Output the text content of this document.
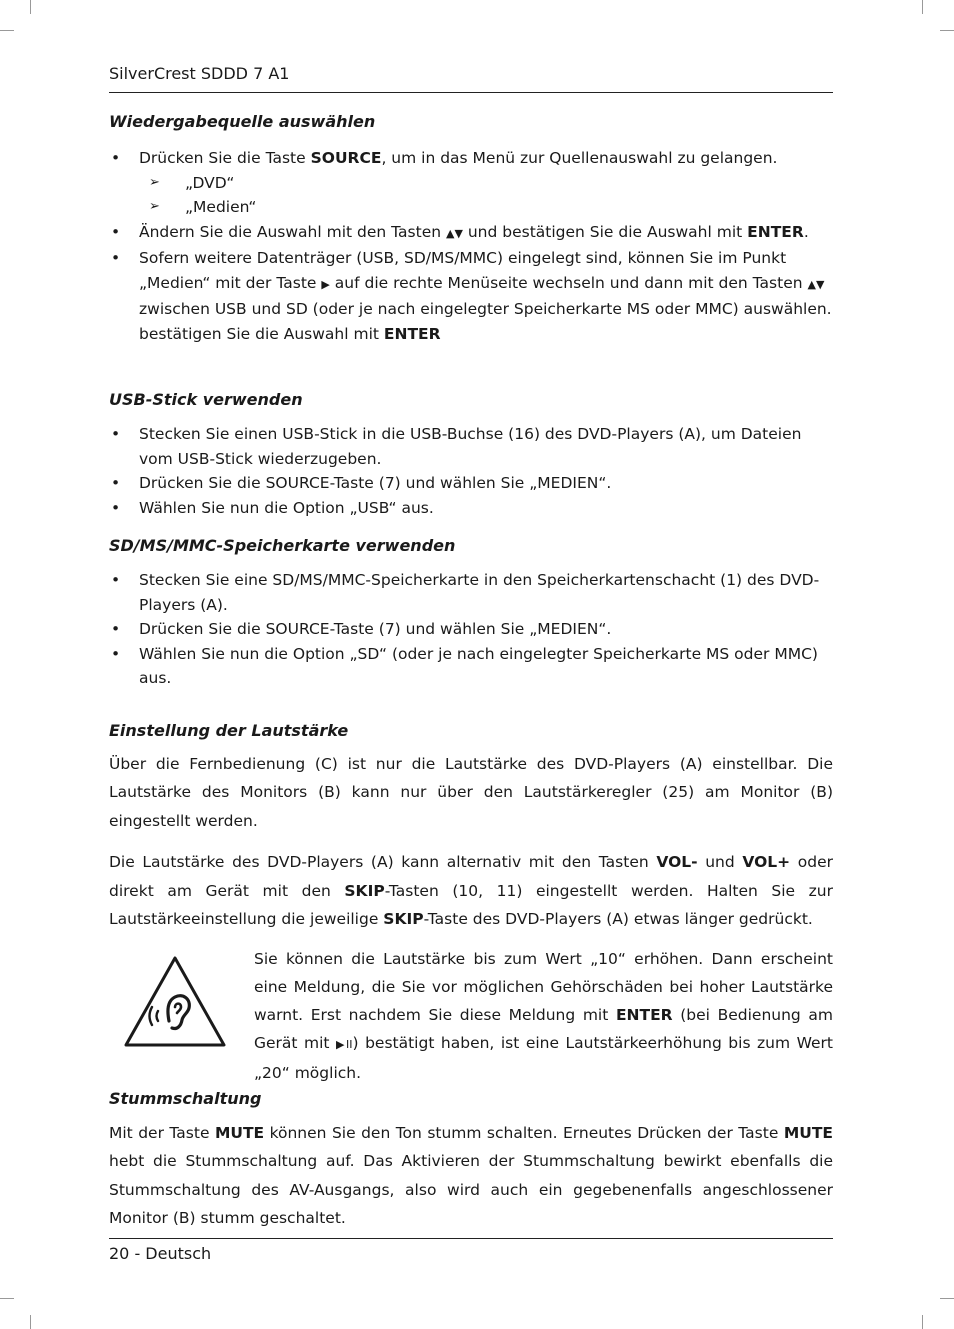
SilverCrest SDDD 7 A1
Wiedergabequelle auswählen
• Drücken Sie die Taste SOURCE, um in das Menü zur Quellenauswahl zu gelangen.
➢ „DVD“
➢ „Medien“
• Ändern Sie die Auswahl mit den Tasten ▲▼ und bestätigen Sie die Auswahl mit ENTER.
• Sofern weitere Datenträger (USB, SD/MS/MMC) eingelegt sind, können Sie im Punkt „Medien“ mit der Taste ▶ auf die rechte Menüseite wechseln und dann mit den Tasten ▲▼ zwischen USB und SD (oder je nach eingelegter Speicherkarte MS oder MMC) auswählen. bestätigen Sie die Auswahl mit ENTER
USB-Stick verwenden
• Stecken Sie einen USB-Stick in die USB-Buchse (16) des DVD-Players (A), um Dateien vom USB-Stick wiederzugeben.
• Drücken Sie die SOURCE-Taste (7) und wählen Sie „MEDIEN“.
• Wählen Sie nun die Option „USB“ aus.
SD/MS/MMC-Speicherkarte verwenden
• Stecken Sie eine SD/MS/MMC-Speicherkarte in den Speicherkartenschacht (1) des DVD-Players (A).
• Drücken Sie die SOURCE-Taste (7) und wählen Sie „MEDIEN“.
• Wählen Sie nun die Option „SD“ (oder je nach eingelegter Speicherkarte MS oder MMC) aus.
Einstellung der Lautstärke

Über die Fernbedienung (C) ist nur die Lautstärke des DVD-Players (A) einstellbar. Die Lautstärke des Monitors (B) kann nur über den Lautstärkeregler (25) am Monitor (B) eingestellt werden.

Die Lautstärke des DVD-Players (A) kann alternativ mit den Tasten VOL- und VOL+ oder direkt am Gerät mit den SKIP-Tasten (10, 11) eingestellt werden. Halten Sie zur Lautstärkeeinstellung die jeweilige SKIP-Taste des DVD-Players (A) etwas länger gedrückt.

Sie können die Lautstärke bis zum Wert „10“ erhöhen. Dann erscheint eine Meldung, die Sie vor möglichen Gehörschäden bei hoher Lautstärke warnt. Erst nachdem Sie diese Meldung mit ENTER (bei Bedienung am Gerät mit ▶II) bestätigt haben, ist eine Lautstärkeerhöhung bis zum Wert „20“ möglich.
Stummschaltung

Mit der Taste MUTE können Sie den Ton stumm schalten. Erneutes Drücken der Taste MUTE hebt die Stummschaltung auf. Das Aktivieren der Stummschaltung bewirkt ebenfalls die Stummschaltung des AV-Ausgangs, also wird auch ein gegebenenfalls angeschlossener Monitor (B) stumm geschaltet.

20 - Deutsch
